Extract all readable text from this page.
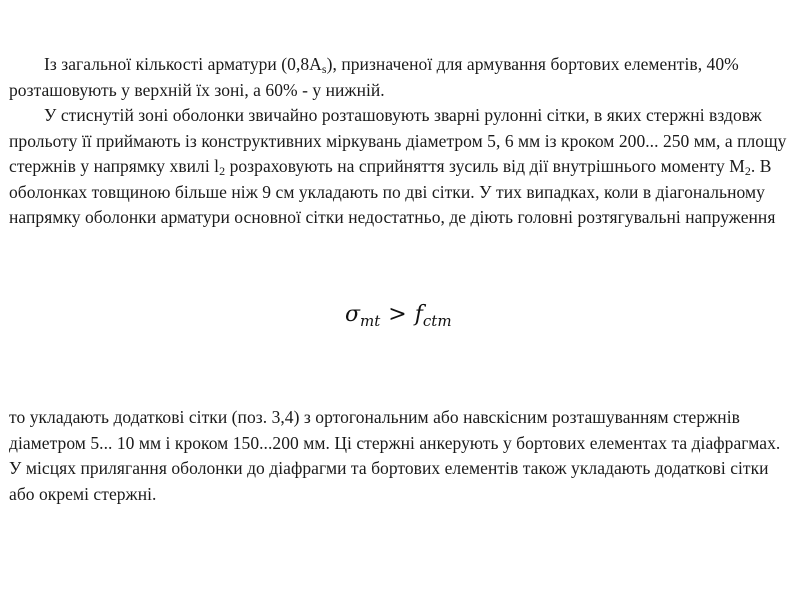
Із загальної кількості арматури $(0,8A_s)$, призначеної для армування бортових елементів, 40% розташовують у верхній їх зоні, а 60% - у нижній.

У стиснутій зоні оболонки звичайно розташовують зварні рулонні сітки, в яких стержні вздовж прольоту її приймають із конструктивних міркувань діаметром 5, 6 мм із кроком 200... 250 мм, а площу стержнів у напрямку хвилі $l_2$ розраховують на сприйняття зусиль від дії внутрішнього моменту $M_2$. В оболонках товщиною більше ніж 9 см укладають по дві сітки. У тих випадках, коли в діагональному напрямку оболонки арматури основної сітки недостатньо, де діють головні розтягувальні напруження

$\sigma_{mt} > f_{ctm}$

то укладають додаткові сітки (поз. 3,4) з ортогональним або навскісним розташуванням стержнів діаметром 5... 10 мм і кроком 150...200 мм. Ці стержні анкерують у бортових елементах та діафрагмах. У місцях прилягання оболонки до діафрагми та бортових елементів також укладають додаткові сітки або окремі стержні.
